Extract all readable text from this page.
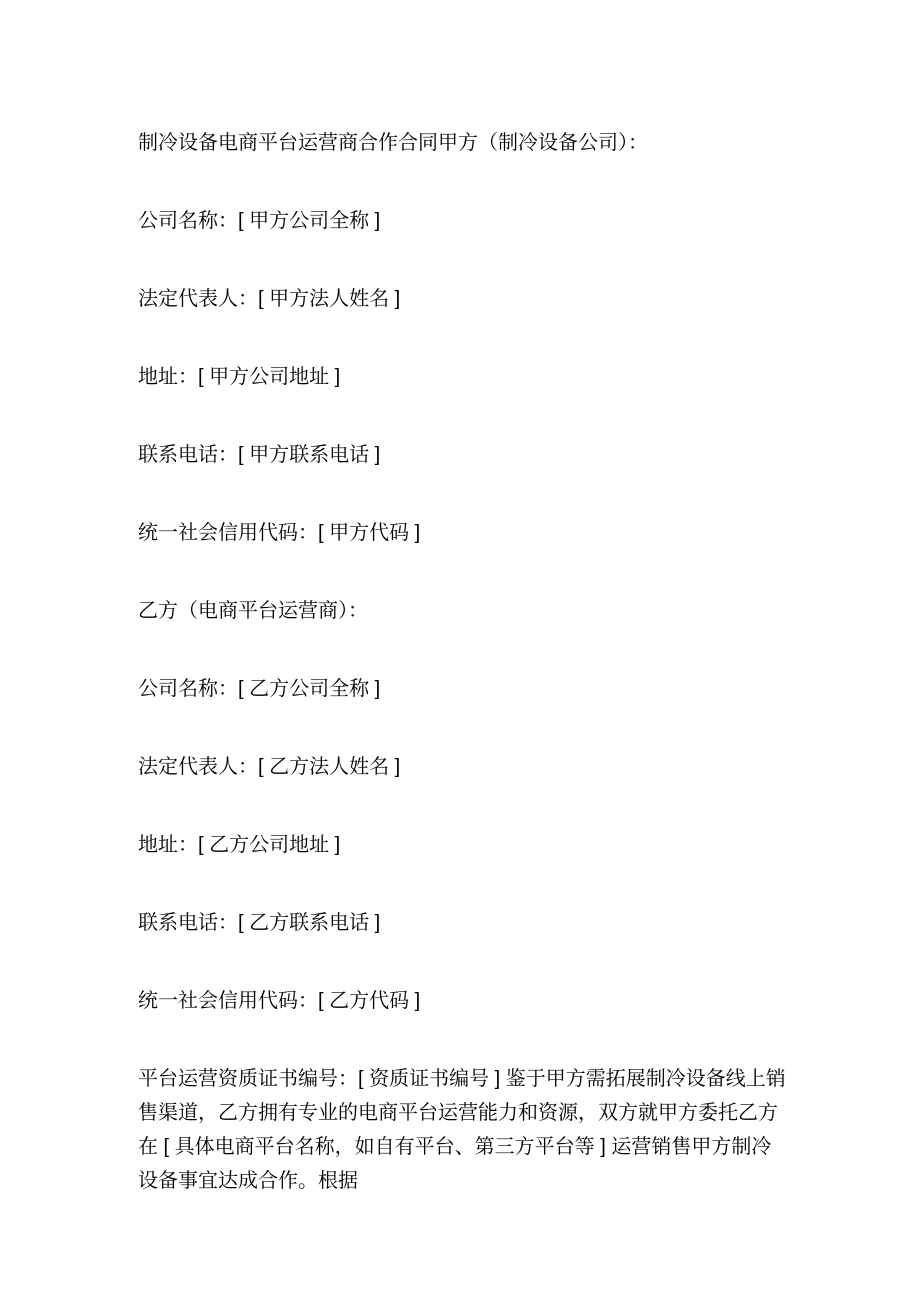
制冷设备电商平台运营商合作合同甲方（制冷设备公司）：

公司名称：[ 甲方公司全称 ]

法定代表人：[ 甲方法人姓名 ]

地址：[ 甲方公司地址 ]

联系电话：[ 甲方联系电话 ]

统一社会信用代码：[ 甲方代码 ]

乙方（电商平台运营商）：

公司名称：[ 乙方公司全称 ]

法定代表人：[ 乙方法人姓名 ]

地址：[ 乙方公司地址 ]

联系电话：[ 乙方联系电话 ]

统一社会信用代码：[ 乙方代码 ]

平台运营资质证书编号：[ 资质证书编号 ] 鉴于甲方需拓展制冷设备线上销售渠道，乙方拥有专业的电商平台运营能力和资源，双方就甲方委托乙方在 [ 具体电商平台名称，如自有平台、第三方平台等 ] 运营销售甲方制冷设备事宜达成合作。根据
